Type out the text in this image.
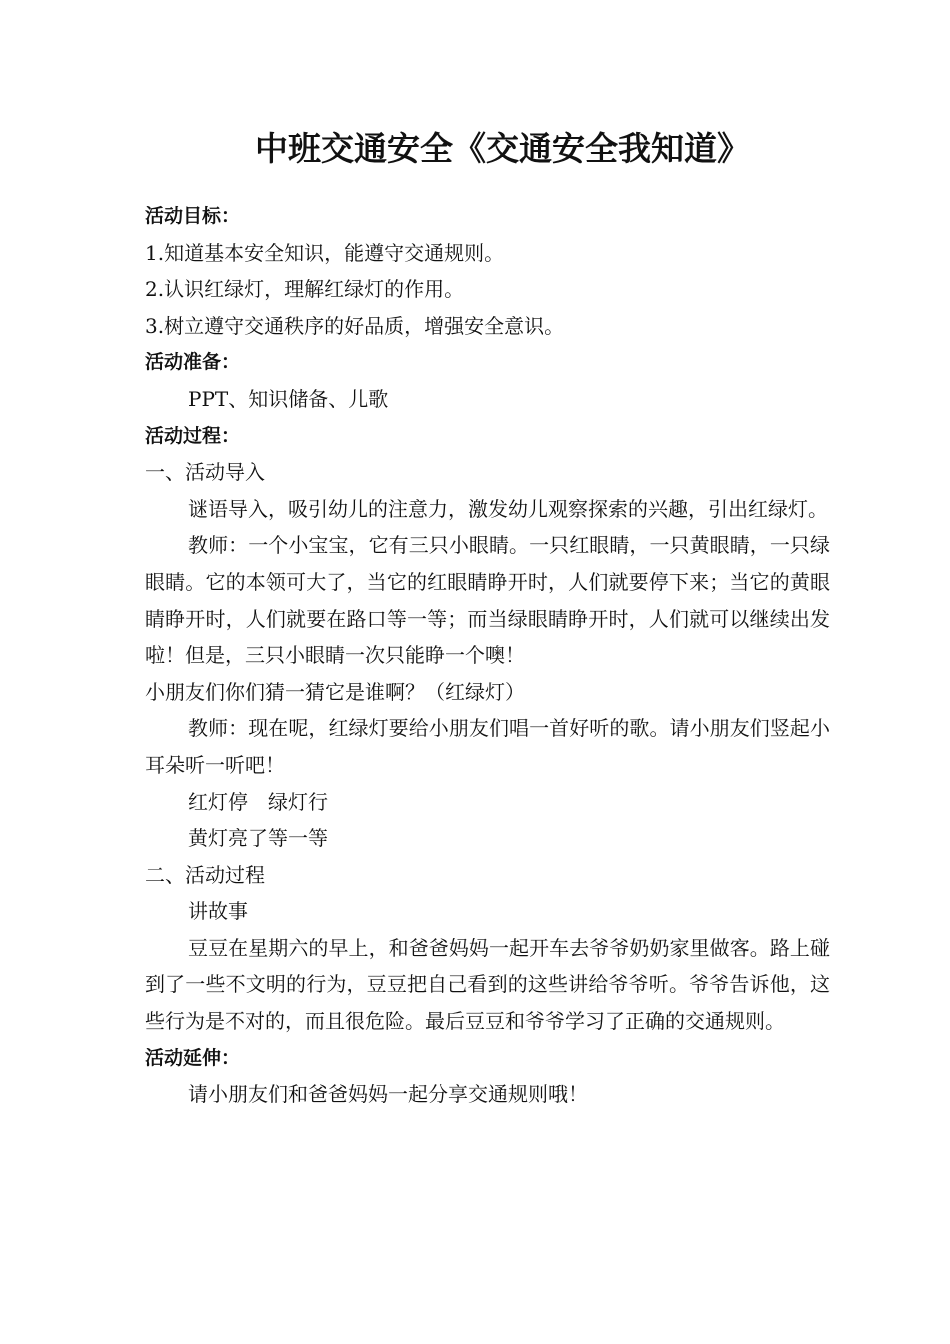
中班交通安全《交通安全我知道》

活动目标：

1.知道基本安全知识，能遵守交通规则。

2.认识红绿灯，理解红绿灯的作用。

3.树立遵守交通秩序的好品质，增强安全意识。

活动准备：

PPT、知识储备、儿歌

活动过程：

一、活动导入

谜语导入，吸引幼儿的注意力，激发幼儿观察探索的兴趣，引出红绿灯。

教师：一个小宝宝，它有三只小眼睛。一只红眼睛，一只黄眼睛，一只绿眼睛。它的本领可大了，当它的红眼睛睁开时，人们就要停下来；当它的黄眼睛睁开时，人们就要在路口等一等；而当绿眼睛睁开时，人们就可以继续出发啦！但是，三只小眼睛一次只能睁一个噢！

小朋友们你们猜一猜它是谁啊？（红绿灯）

教师：现在呢，红绿灯要给小朋友们唱一首好听的歌。请小朋友们竖起小耳朵听一听吧！

红灯停　绿灯行

黄灯亮了等一等

二、活动过程

讲故事

豆豆在星期六的早上，和爸爸妈妈一起开车去爷爷奶奶家里做客。路上碰到了一些不文明的行为，豆豆把自己看到的这些讲给爷爷听。爷爷告诉他，这些行为是不对的，而且很危险。最后豆豆和爷爷学习了正确的交通规则。

活动延伸：

请小朋友们和爸爸妈妈一起分享交通规则哦！
